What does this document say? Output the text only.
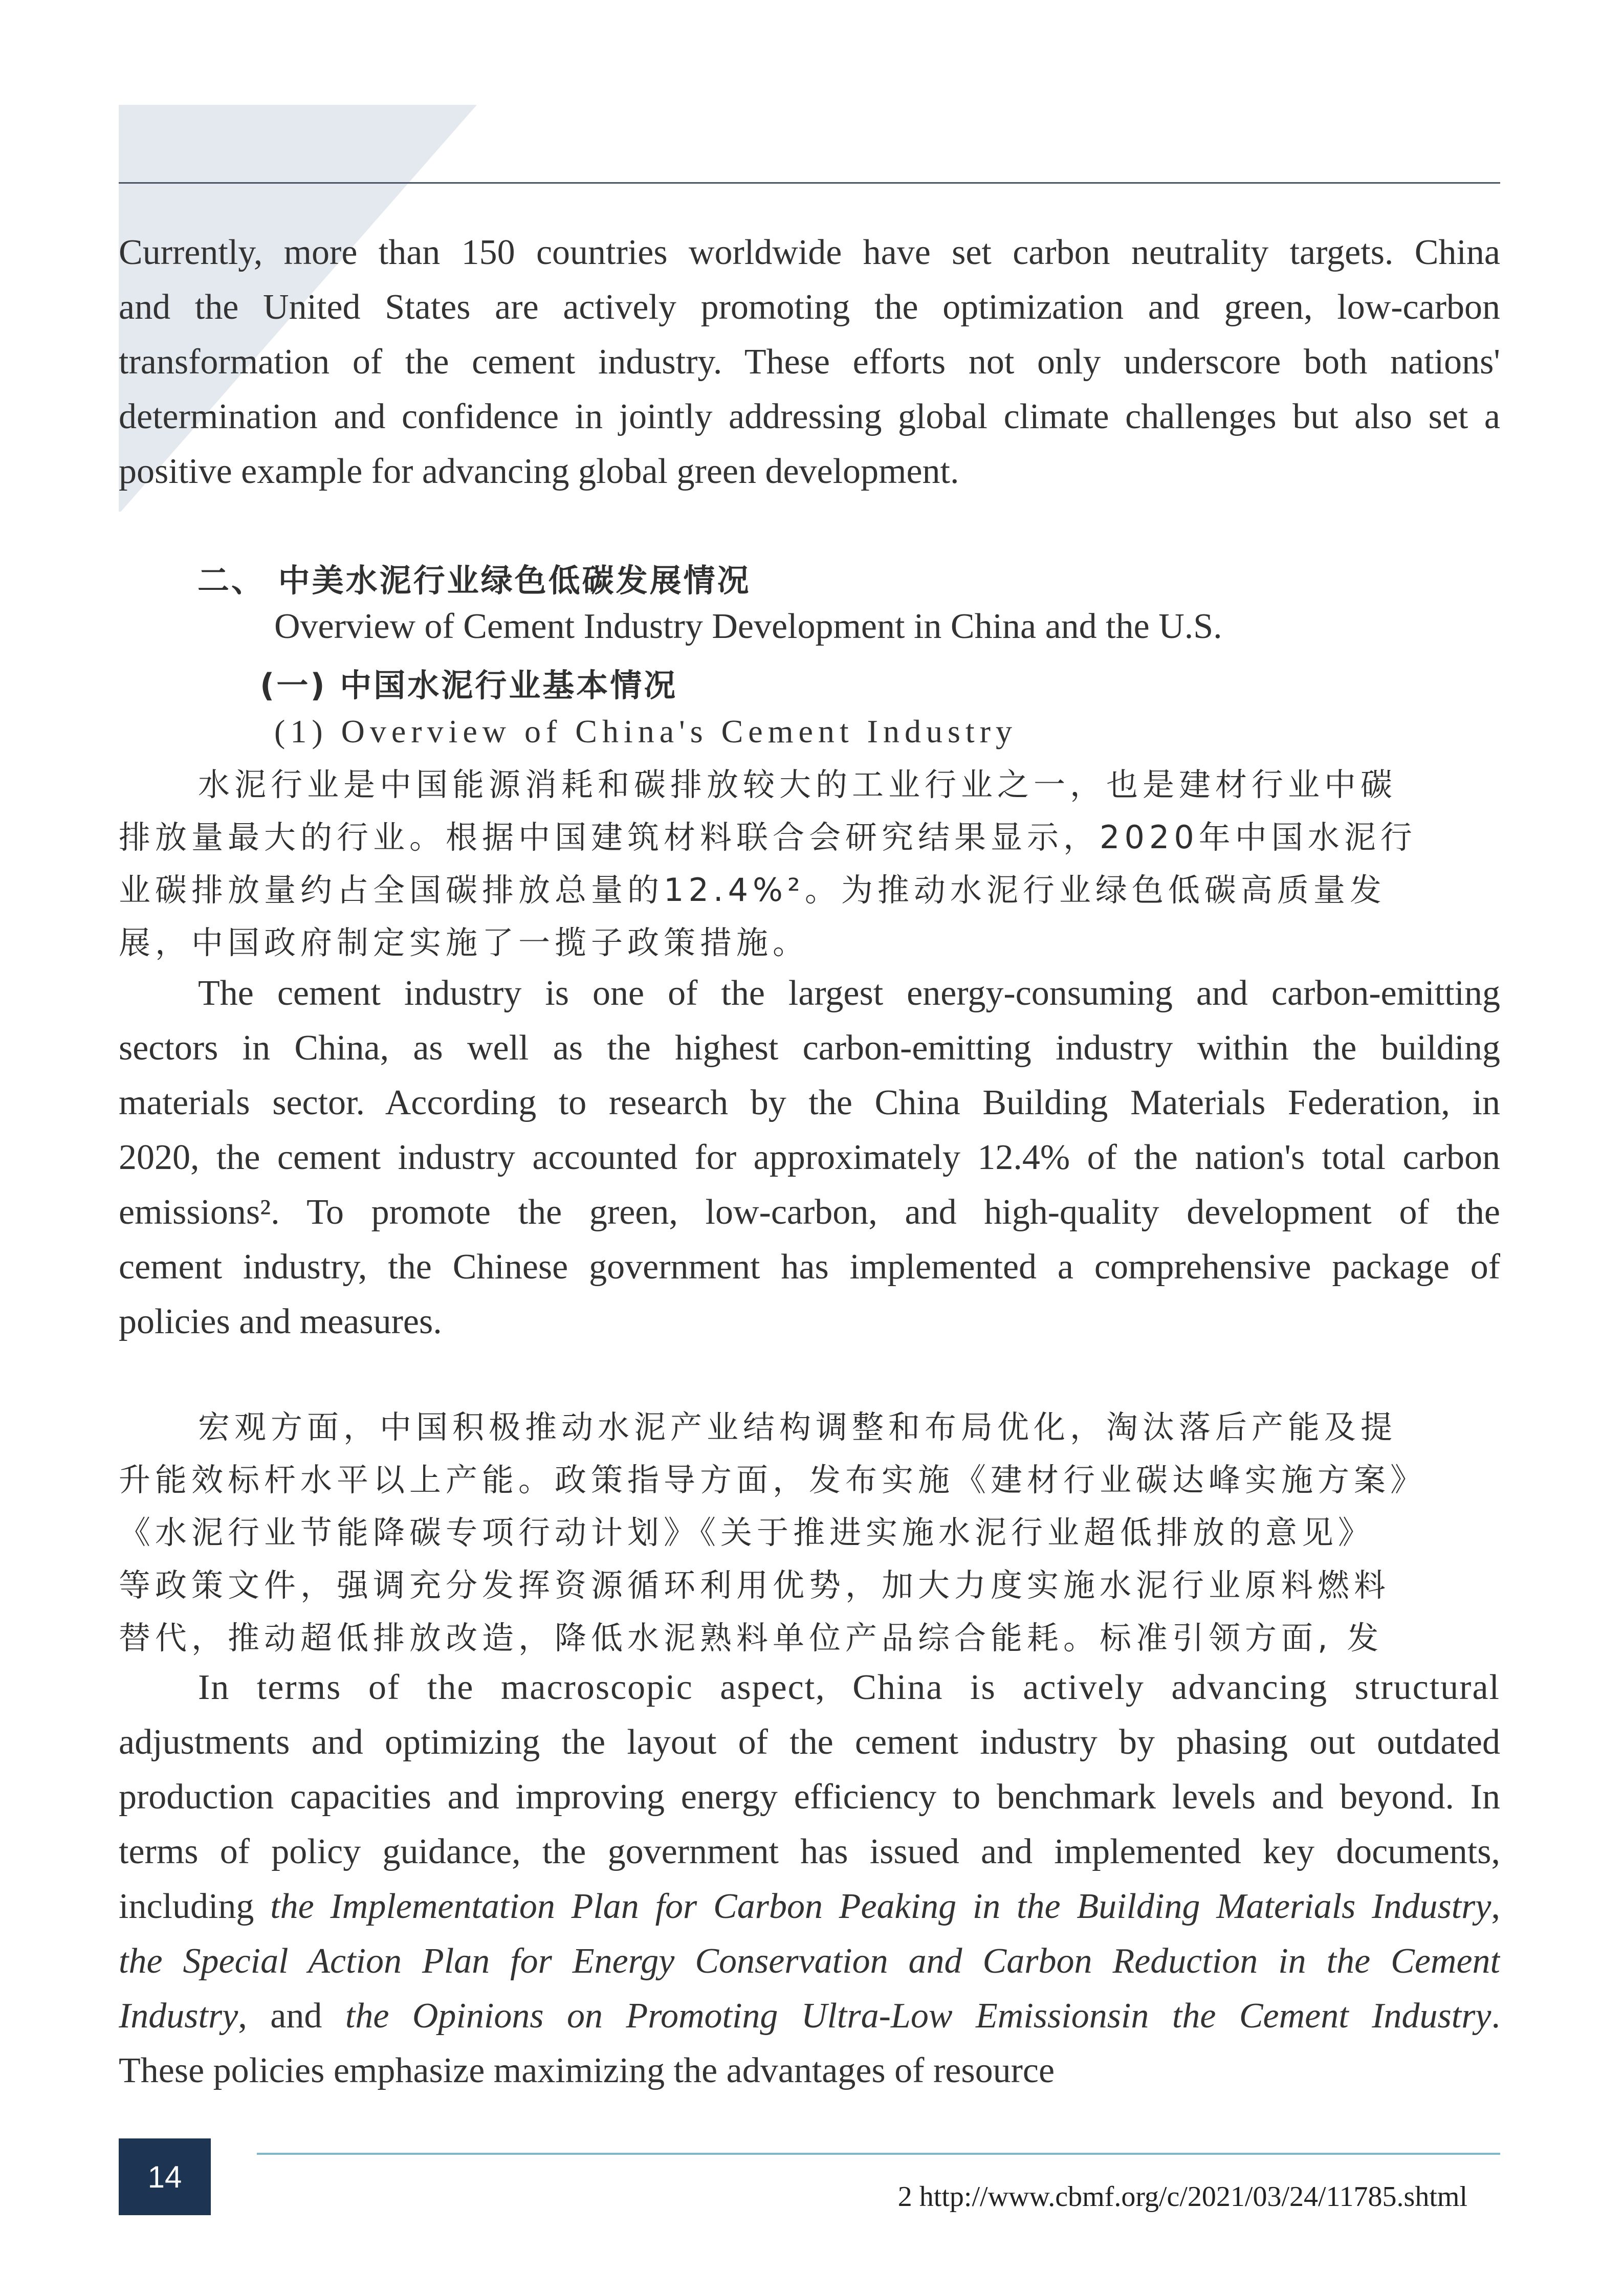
Currently, more than 150 countries worldwide have set carbon neutrality targets. China
and the United States are actively promoting the optimization and green, low-carbon
transformation of the cement industry. These efforts not only underscore both nations'
determination and confidence in jointly addressing global climate challenges but also set a
positive example for advancing global green development.

二、 中美水泥行业绿色低碳发展情况
Overview of Cement Industry Development in China and the U.S.
(一) 中国水泥行业基本情况
(1) Overview of China's Cement Industry

水泥行业是中国能源消耗和碳排放较大的工业行业之一，也是建材行业中碳
排放量最大的行业。根据中国建筑材料联合会研究结果显示，2020年中国水泥行
业碳排放量约占全国碳排放总量的12.4%²。为推动水泥行业绿色低碳高质量发
展，中国政府制定实施了一揽子政策措施。

The cement industry is one of the largest energy-consuming and carbon-emitting
sectors in China, as well as the highest carbon-emitting industry within the building
materials sector. According to research by the China Building Materials Federation, in
2020, the cement industry accounted for approximately 12.4% of the nation's total carbon
emissions². To promote the green, low-carbon, and high-quality development of the
cement industry, the Chinese government has implemented a comprehensive package of
policies and measures.

宏观方面，中国积极推动水泥产业结构调整和布局优化，淘汰落后产能及提
升能效标杆水平以上产能。政策指导方面，发布实施《建材行业碳达峰实施方案》
《水泥行业节能降碳专项行动计划》《关于推进实施水泥行业超低排放的意见》
等政策文件，强调充分发挥资源循环利用优势，加大力度实施水泥行业原料燃料
替代，推动超低排放改造，降低水泥熟料单位产品综合能耗。标准引领方面, 发

In terms of the macroscopic aspect, China is actively advancing structural
adjustments and optimizing the layout of the cement industry by phasing out outdated
production capacities and improving energy efficiency to benchmark levels and beyond. In
terms of policy guidance, the government has issued and implemented key documents,
including the Implementation Plan for Carbon Peaking in the Building Materials Industry,
the Special Action Plan for Energy Conservation and Carbon Reduction in the Cement
Industry, and the Opinions on Promoting Ultra-Low Emissionsin the Cement Industry.
These policies emphasize maximizing the advantages of resource

14
2 http://www.cbmf.org/c/2021/03/24/11785.shtml
